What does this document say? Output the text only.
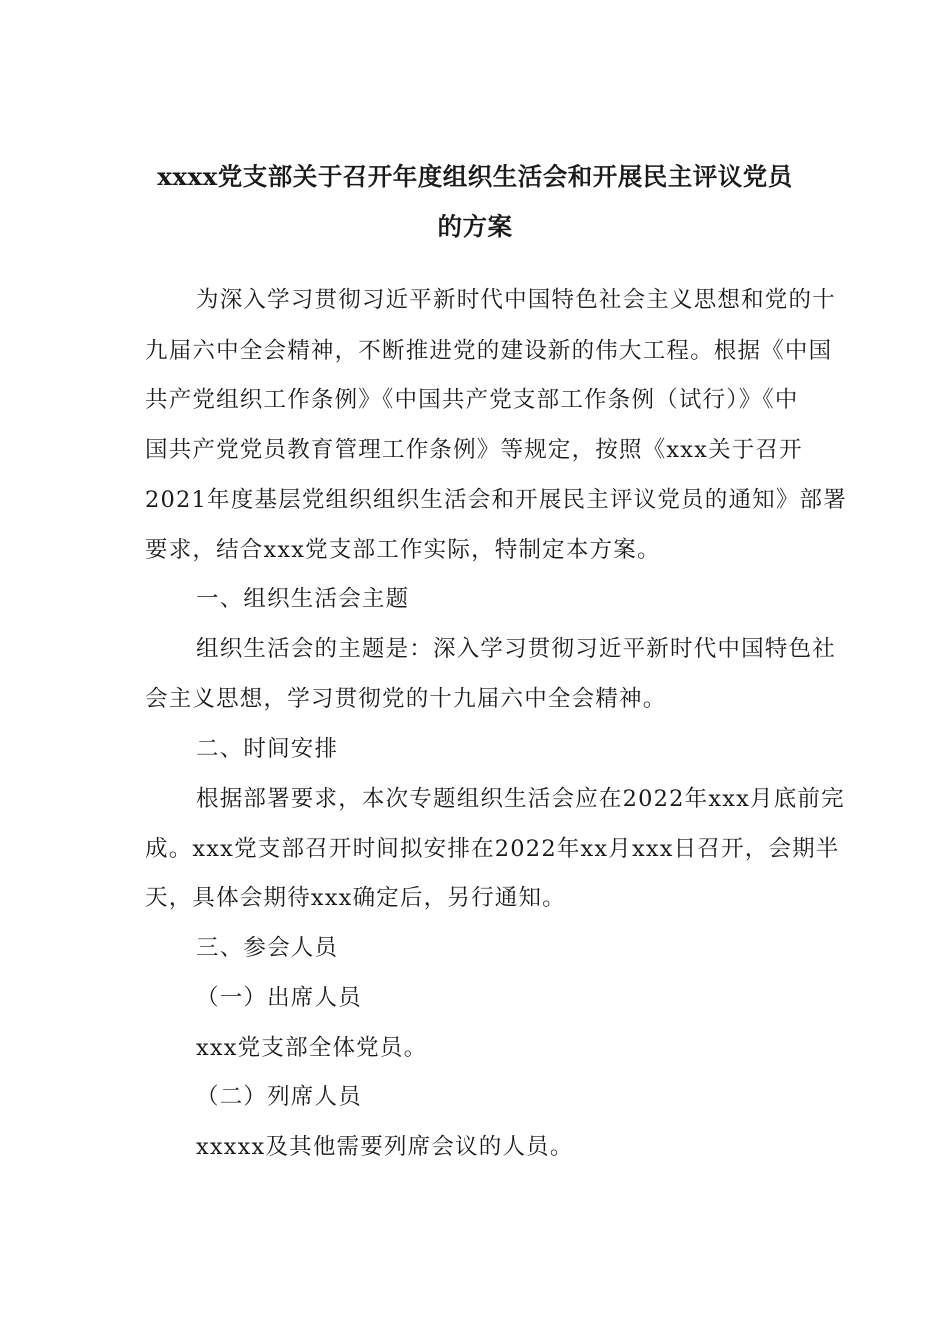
xxxx党支部关于召开年度组织生活会和开展民主评议党员
的方案
为深入学习贯彻习近平新时代中国特色社会主义思想和党的十
九届六中全会精神，不断推进党的建设新的伟大工程。根据《中国
共产党组织工作条例》《中国共产党支部工作条例（试行）》《中
国共产党党员教育管理工作条例》等规定，按照《xxx关于召开
2021年度基层党组织组织生活会和开展民主评议党员的通知》部署
要求，结合xxx党支部工作实际，特制定本方案。
一、组织生活会主题
组织生活会的主题是：深入学习贯彻习近平新时代中国特色社
会主义思想，学习贯彻党的十九届六中全会精神。
二、时间安排
根据部署要求，本次专题组织生活会应在2022年xxx月底前完
成。xxx党支部召开时间拟安排在2022年xx月xxx日召开，会期半
天，具体会期待xxx确定后，另行通知。
三、参会人员
（一）出席人员
xxx党支部全体党员。
（二）列席人员
xxxxx及其他需要列席会议的人员。
